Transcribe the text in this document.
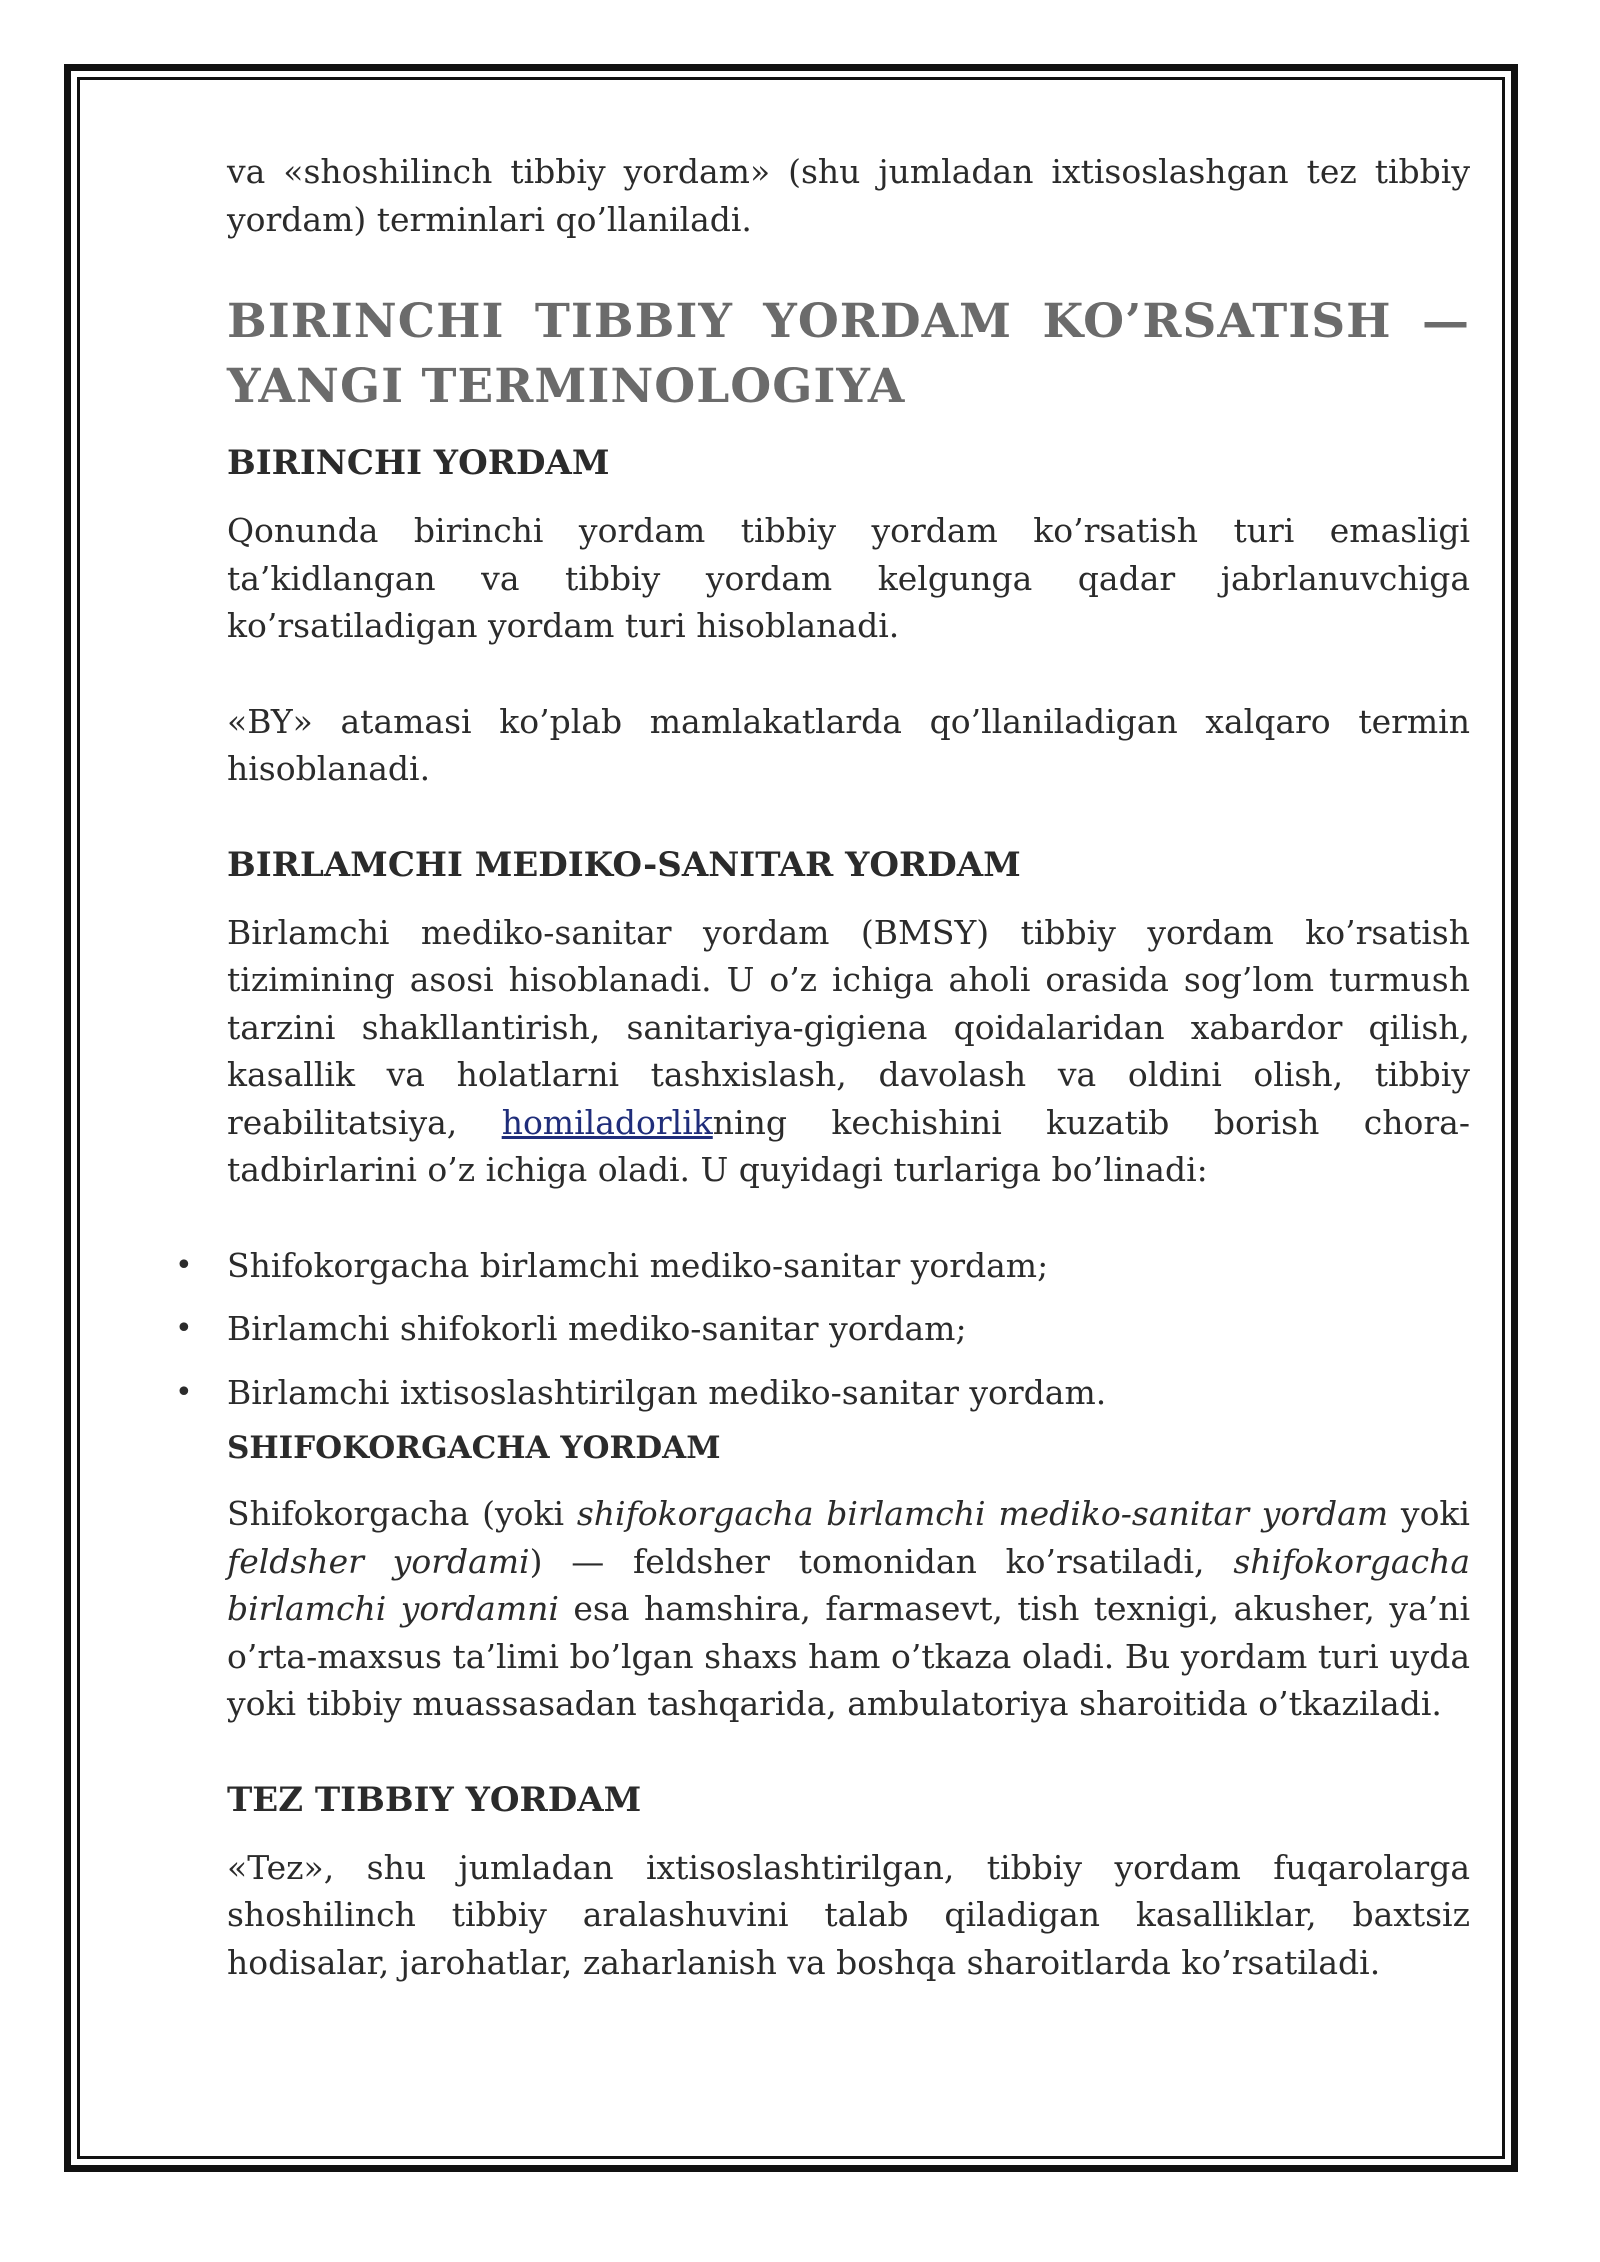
va «shoshilinch tibbiy yordam» (shu jumladan ixtisoslashgan tez tibbiy yordam) terminlari qo’llaniladi.

BIRINCHI TIBBIY YORDAM KO’RSATISH — YANGI TERMINOLOGIYA
BIRINCHI YORDAM

Qonunda birinchi yordam tibbiy yordam ko’rsatish turi emasligi ta’kidlangan va tibbiy yordam kelgunga qadar jabrlanuvchiga ko’rsatiladigan yordam turi hisoblanadi.

«BY» atamasi ko’plab mamlakatlarda qo’llaniladigan xalqaro termin hisoblanadi.

BIRLAMCHI MEDIKO-SANITAR YORDAM

Birlamchi mediko-sanitar yordam (BMSY) tibbiy yordam ko’rsatish tizimining asosi hisoblanadi. U o’z ichiga aholi orasida sog’lom turmush tarzini shakllantirish, sanitariya-gigiena qoidalaridan xabardor qilish, kasallik va holatlarni tashxislash, davolash va oldini olish, tibbiy reabilitatsiya, homiladorlikning kechishini kuzatib borish chora-tadbirlarini o’z ichiga oladi. U quyidagi turlariga bo’linadi:

• Shifokorgacha birlamchi mediko-sanitar yordam;
• Birlamchi shifokorli mediko-sanitar yordam;
• Birlamchi ixtisoslashtirilgan mediko-sanitar yordam.
SHIFOKORGACHA YORDAM

Shifokorgacha (yoki shifokorgacha birlamchi mediko-sanitar yordam yoki feldsher yordami) — feldsher tomonidan ko’rsatiladi, shifokorgacha birlamchi yordamni esa hamshira, farmasevt, tish texnigi, akusher, ya’ni o’rta-maxsus ta’limi bo’lgan shaxs ham o’tkaza oladi. Bu yordam turi uyda yoki tibbiy muassasadan tashqarida, ambulatoriya sharoitida o’tkaziladi.

TEZ TIBBIY YORDAM

«Tez», shu jumladan ixtisoslashtirilgan, tibbiy yordam fuqarolarga shoshilinch tibbiy aralashuvini talab qiladigan kasalliklar, baxtsiz hodisalar, jarohatlar, zaharlanish va boshqa sharoitlarda ko’rsatiladi.
